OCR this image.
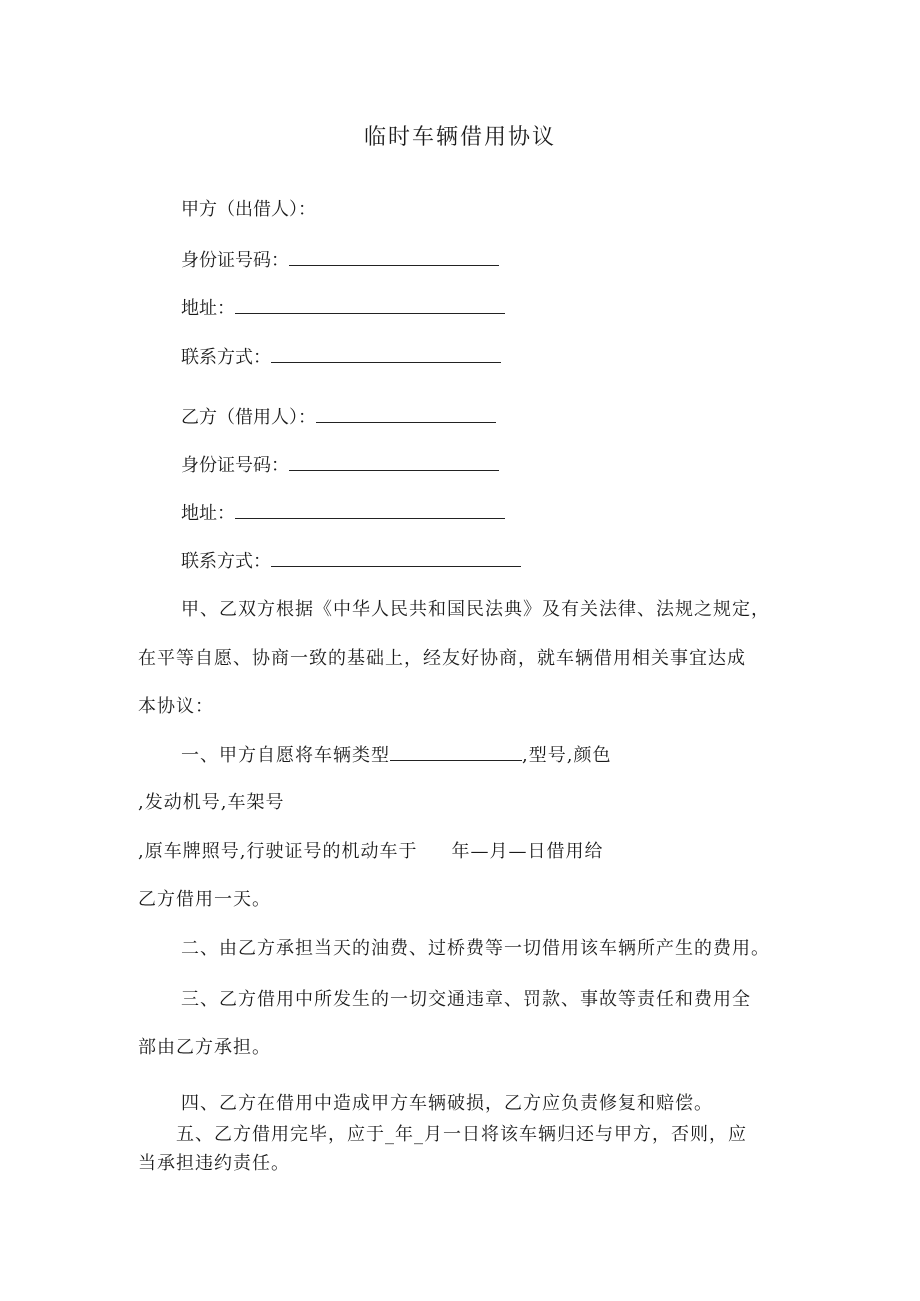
临时车辆借用协议
甲方（出借人）：
身份证号码：
地址：
联系方式：
乙方（借用人）：
身份证号码：
地址：
联系方式：
甲、乙双方根据《中华人民共和国民法典》及有关法律、法规之规定，
在平等自愿、协商一致的基础上，经友好协商，就车辆借用相关事宜达成
本协议：
一、甲方自愿将车辆类型	,型号,颜色
,发动机号,车架号
,原车牌照号,行驶证号的机动车于 年—月—日借用给
乙方借用一天。
二、由乙方承担当天的油费、过桥费等一切借用该车辆所产生的费用。
三、乙方借用中所发生的一切交通违章、罚款、事故等责任和费用全
部由乙方承担。
四、乙方在借用中造成甲方车辆破损，乙方应负责修复和赔偿。
五、乙方借用完毕，应于_年_月一日将该车辆归还与甲方，否则，应
当承担违约责任。
